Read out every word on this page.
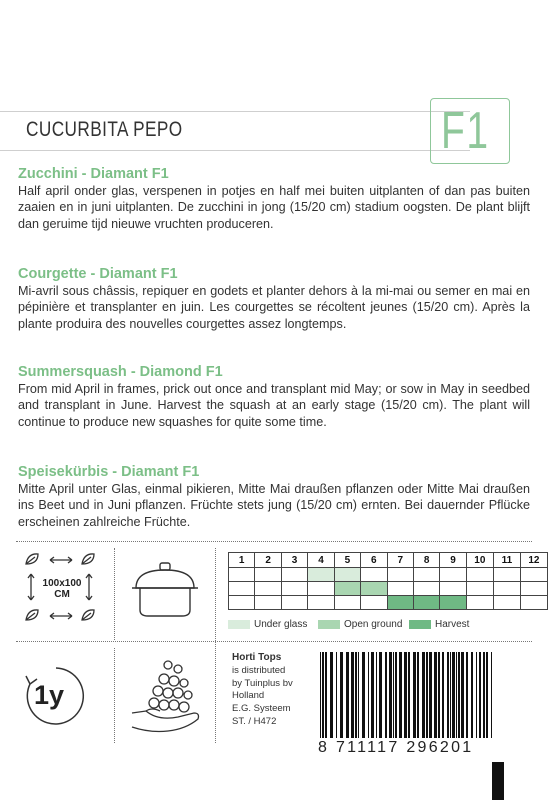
CUCURBITA PEPO	F1
Zucchini - Diamant F1

Half april onder glas, verspenen in potjes en half mei buiten uitplanten of dan pas buiten zaaien en in juni uitplanten. De zucchini in jong (15/20 cm) stadium oogsten. De plant blijft dan geruime tijd nieuwe vruchten produceren.

Courgette - Diamant F1

Mi-avril sous châssis, repiquer en godets et planter dehors à la mi-mai ou semer en mai en pépinière et transplanter en juin. Les courgettes se récoltent jeunes (15/20 cm). Après la plante produira des nouvelles courgettes assez longtemps.

Summersquash - Diamond F1

From mid April in frames, prick out once and transplant mid May; or sow in May in seedbed and transplant in June. Harvest the squash at an early stage (15/20 cm). The plant will continue to produce new squashes for quite some time.

Speisekürbis - Diamant F1

Mitte April unter Glas, einmal pikieren, Mitte Mai draußen pflanzen oder Mitte Mai draußen ins Beet und in Juni pflanzen. Früchte stets jung (15/20 cm) ernten. Bei dauernder Pflücke erscheinen zahlreiche Früchte.

100x100
CM
1	2	3	4	5	6	7	8	9	10	11	12

Under glass	Open ground	Harvest
1y
Horti Tops
is distributed
by Tuinplus bv
Holland
E.G. Systeem
ST. / H472
8 711117 296201
